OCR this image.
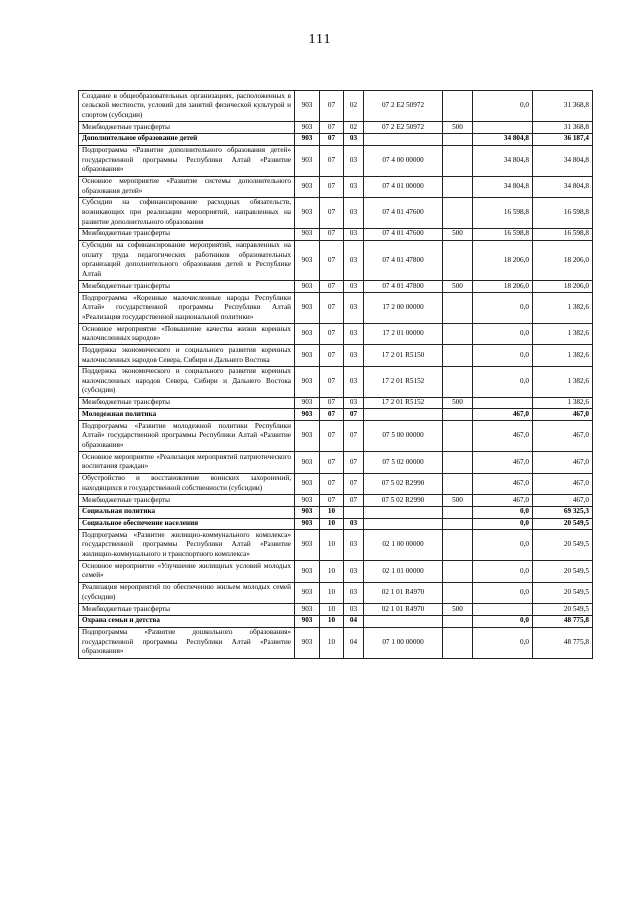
111
Создание в общеобразовательных организациях, расположенных в сельской местности, условий для занятий физической культурой и спортом (субсидии)	903	07	02	07 2 Е2 50972		0,0	31 368,8
Межбюджетные трансферты	903	07	02	07 2 Е2 50972	500		31 368,8
Дополнительное образование детей	903	07	03			34 804,8	36 187,4
Подпрограмма «Развитие дополнительного образования детей» государственной программы Республики Алтай «Развитие образования»	903	07	03	07 4 00 00000		34 804,8	34 804,8
Основное мероприятие «Развитие системы дополнительного образования детей»	903	07	03	07 4 01 00000		34 804,8	34 804,8
Субсидии на софинансирование расходных обязательств, возникающих при реализации мероприятий, направленных на развитие дополнительного образования	903	07	03	07 4 01 47600		16 598,8	16 598,8
Межбюджетные трансферты	903	07	03	07 4 01 47600	500	16 598,8	16 598,8
Субсидии на софинансирование мероприятий, направленных на оплату труда педагогических работников образовательных организаций дополнительного образования детей в Республике Алтай	903	07	03	07 4 01 47800		18 206,0	18 206,0
Межбюджетные трансферты	903	07	03	07 4 01 47800	500	18 206,0	18 206,0
Подпрограмма «Коренные малочисленные народы Республики Алтай» государственной программы Республики Алтай «Реализация государственной национальной политики»	903	07	03	17 2 00 00000		0,0	1 382,6
Основное мероприятие «Повышение качества жизни коренных малочисленных народов»	903	07	03	17 2 01 00000		0,0	1 382,6
Поддержка экономического и социального развития коренных малочисленных народов Севера, Сибири и Дальнего Востока	903	07	03	17 2 01 R5150		0,0	1 382,6
Поддержка экономического и социального развития коренных малочисленных народов Севера, Сибири и Дальнего Востока (субсидии)	903	07	03	17 2 01 R5152		0,0	1 382,6
Межбюджетные трансферты	903	07	03	17 2 01 R5152	500		1 382,6
Молодежная политика	903	07	07			467,0	467,0
Подпрограмма «Развитие молодежной политики Республики Алтай» государственной программы Республики Алтай «Развитие образования»	903	07	07	07 5 00 00000		467,0	467,0
Основное мероприятие «Реализация мероприятий патриотического воспитания граждан»	903	07	07	07 5 02 00000		467,0	467,0
Обустройство и восстановление воинских захоронений, находящихся в государственной собственности (субсидии)	903	07	07	07 5 02 R2990		467,0	467,0
Межбюджетные трансферты	903	07	07	07 5 02 R2990	500	467,0	467,0
Социальная политика	903	10				0,0	69 325,3
Социальное обеспечение населения	903	10	03			0,0	20 549,5
Подпрограмма «Развитие жилищно-коммунального комплекса» государственной программы Республики Алтай «Развитие жилищно-коммунального и транспортного комплекса»	903	10	03	02 1 00 00000		0,0	20 549,5
Основное мероприятие «Улучшение жилищных условий молодых семей»	903	10	03	02 1 01 00000		0,0	20 549,5
Реализация мероприятий по обеспечению жильем молодых семей (субсидии)	903	10	03	02 1 01 R4970		0,0	20 549,5
Межбюджетные трансферты	903	10	03	02 1 01 R4970	500		20 549,5
Охрана семьи и детства	903	10	04			0,0	48 775,8
Подпрограмма «Развитие дошкольного образования» государственной программы Республики Алтай «Развитие образования»	903	10	04	07 1 00 00000		0,0	48 775,8
